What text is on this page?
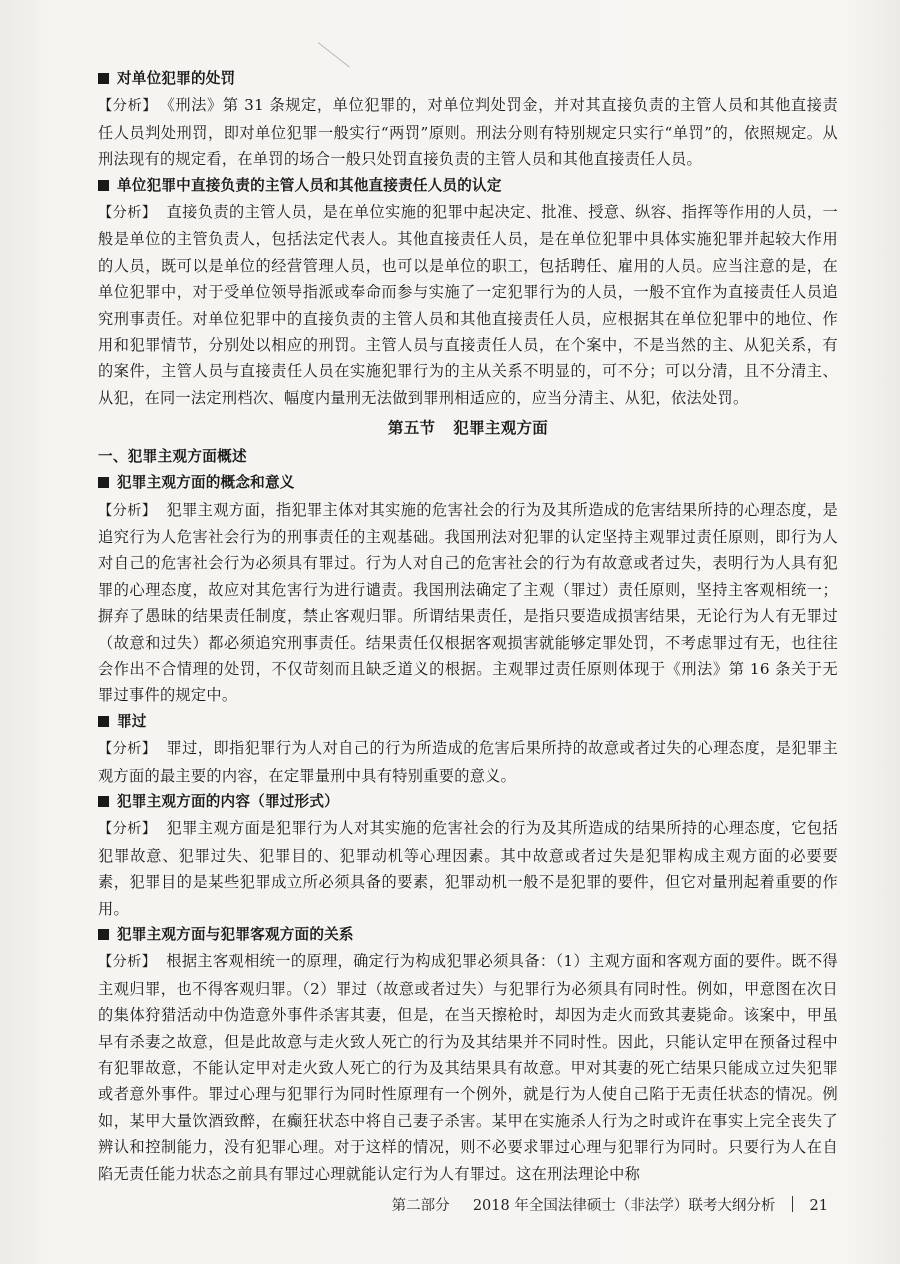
对单位犯罪的处罚

【分析】 《刑法》第 31 条规定，单位犯罪的，对单位判处罚金，并对其直接负责的主管人员和其他直接责任人员判处刑罚，即对单位犯罪一般实行“两罚”原则。刑法分则有特别规定只实行“单罚”的，依照规定。从刑法现有的规定看，在单罚的场合一般只处罚直接负责的主管人员和其他直接责任人员。

单位犯罪中直接负责的主管人员和其他直接责任人员的认定

【分析】 直接负责的主管人员，是在单位实施的犯罪中起决定、批准、授意、纵容、指挥等作用的人员，一般是单位的主管负责人，包括法定代表人。其他直接责任人员，是在单位犯罪中具体实施犯罪并起较大作用的人员，既可以是单位的经营管理人员，也可以是单位的职工，包括聘任、雇用的人员。应当注意的是，在单位犯罪中，对于受单位领导指派或奉命而参与实施了一定犯罪行为的人员，一般不宜作为直接责任人员追究刑事责任。对单位犯罪中的直接负责的主管人员和其他直接责任人员，应根据其在单位犯罪中的地位、作用和犯罪情节，分别处以相应的刑罚。主管人员与直接责任人员，在个案中，不是当然的主、从犯关系，有的案件，主管人员与直接责任人员在实施犯罪行为的主从关系不明显的，可不分；可以分清，且不分清主、从犯，在同一法定刑档次、幅度内量刑无法做到罪刑相适应的，应当分清主、从犯，依法处罚。

第五节 犯罪主观方面

一、犯罪主观方面概述

犯罪主观方面的概念和意义

【分析】 犯罪主观方面，指犯罪主体对其实施的危害社会的行为及其所造成的危害结果所持的心理态度，是追究行为人危害社会行为的刑事责任的主观基础。我国刑法对犯罪的认定坚持主观罪过责任原则，即行为人对自己的危害社会行为必须具有罪过。行为人对自己的危害社会的行为有故意或者过失，表明行为人具有犯罪的心理态度，故应对其危害行为进行谴责。我国刑法确定了主观（罪过）责任原则，坚持主客观相统一；摒弃了愚昧的结果责任制度，禁止客观归罪。所谓结果责任，是指只要造成损害结果，无论行为人有无罪过（故意和过失）都必须追究刑事责任。结果责任仅根据客观损害就能够定罪处罚，不考虑罪过有无，也往往会作出不合情理的处罚，不仅苛刻而且缺乏道义的根据。主观罪过责任原则体现于《刑法》第 16 条关于无罪过事件的规定中。

罪过

【分析】 罪过，即指犯罪行为人对自己的行为所造成的危害后果所持的故意或者过失的心理态度，是犯罪主观方面的最主要的内容，在定罪量刑中具有特别重要的意义。

犯罪主观方面的内容（罪过形式）

【分析】 犯罪主观方面是犯罪行为人对其实施的危害社会的行为及其所造成的结果所持的心理态度，它包括犯罪故意、犯罪过失、犯罪目的、犯罪动机等心理因素。其中故意或者过失是犯罪构成主观方面的必要要素，犯罪目的是某些犯罪成立所必须具备的要素，犯罪动机一般不是犯罪的要件，但它对量刑起着重要的作用。

犯罪主观方面与犯罪客观方面的关系

【分析】 根据主客观相统一的原理，确定行为构成犯罪必须具备：（1）主观方面和客观方面的要件。既不得主观归罪，也不得客观归罪。（2）罪过（故意或者过失）与犯罪行为必须具有同时性。例如，甲意图在次日的集体狩猎活动中伪造意外事件杀害其妻，但是，在当天擦枪时，却因为走火而致其妻毙命。该案中，甲虽早有杀妻之故意，但是此故意与走火致人死亡的行为及其结果并不同时性。因此，只能认定甲在预备过程中有犯罪故意，不能认定甲对走火致人死亡的行为及其结果具有故意。甲对其妻的死亡结果只能成立过失犯罪或者意外事件。罪过心理与犯罪行为同时性原理有一个例外，就是行为人使自己陷于无责任状态的情况。例如，某甲大量饮酒致醉，在癫狂状态中将自己妻子杀害。某甲在实施杀人行为之时或许在事实上完全丧失了辨认和控制能力，没有犯罪心理。对于这样的情况，则不必要求罪过心理与犯罪行为同时。只要行为人在自陷无责任能力状态之前具有罪过心理就能认定行为人有罪过。这在刑法理论中称

第二部分 2018 年全国法律硕士（非法学）联考大纲分析 21
